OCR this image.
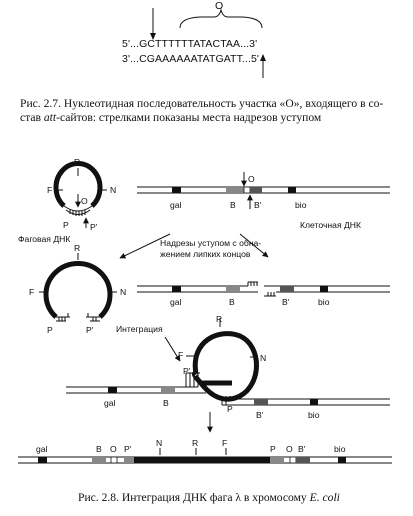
O
5'...GCTTTTTTATACTAA...3'
3'...CGAAAAAATATGATT...5'
Рис. 2.7. Нуклеотидная последовательность участка «О», входящего в со-
став att-сайтов: стрелками показаны места надрезов уступом
R
F	N
O
P P'
Фаговая ДНК
O
gal	B B'	bio
Клеточная ДНК
Надрезы уступом с обна-
жением липких концов
R
F	N
P	P'
gal	B	B'	bio
Интеграция
R
F	N
P'
P
gal	B
B'	bio
gal	B O P'
N	R	F
P O B'	bio
Рис. 2.8. Интеграция ДНК фага λ в хромосому E. coli
